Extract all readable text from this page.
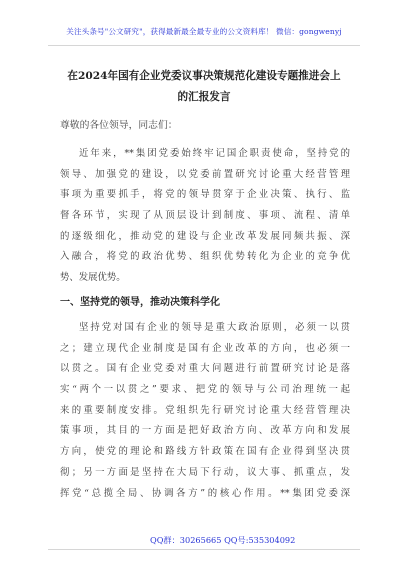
关注头条号"公文研究"，获得最新最全最专业的公文资料库！ 微信：gongwenyj
在2024年国有企业党委议事决策规范化建设专题推进会上
的汇报发言
尊敬的各位领导，同志们：
近年来，**集团党委始终牢记国企职责使命，坚持党的
领导、加强党的建设，以党委前置研究讨论重大经营管理
事项为重要抓手，将党的领导贯穿于企业决策、执行、监
督各环节，实现了从顶层设计到制度、事项、流程、清单
的逐级细化，推动党的建设与企业改革发展同频共振、深
入融合，将党的政治优势、组织优势转化为企业的竞争优
势、发展优势。
一、坚持党的领导，推动决策科学化
坚持党对国有企业的领导是重大政治原则，必须一以贯
之；建立现代企业制度是国有企业改革的方向，也必须一
以贯之。国有企业党委对重大问题进行前置研究讨论是落
实“两个一以贯之”要求、把党的领导与公司治理统一起
来的重要制度安排。党组织先行研究讨论重大经营管理决
策事项，其目的一方面是把好政治方向、改革方向和发展
方向，使党的理论和路线方针政策在国有企业得到坚决贯
彻；另一方面是坚持在大局下行动，议大事、抓重点，发
挥党“总揽全局、协调各方”的核心作用。**集团党委深
QQ群：30265665 QQ号:535304092
